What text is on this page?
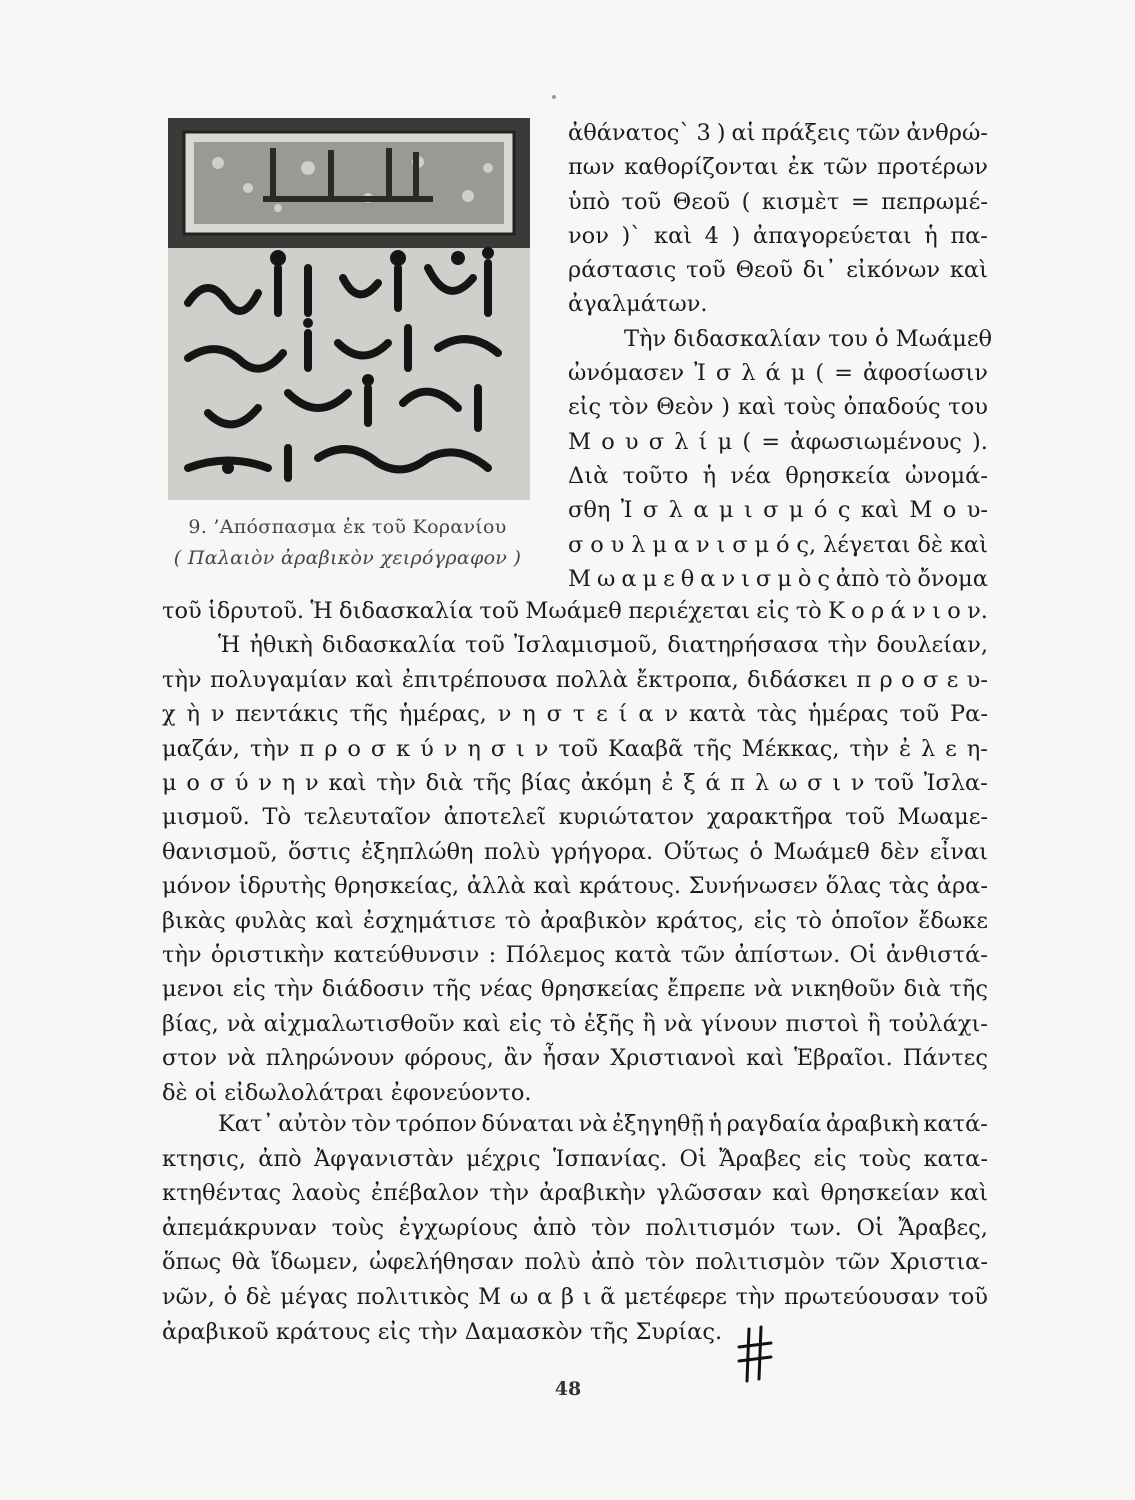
9. ’Απόσπασμα ἐκ τοῦ Κορανίου
( Παλαιὸν ἀραβικὸν χειρόγραφον )
ἀθάνατος` 3 ) αἱ πράξεις τῶν ἀνθρώ-
πων καθορίζονται ἐκ τῶν προτέρων
ὑπὸ τοῦ Θεοῦ ( κισμὲτ = πεπρωμέ-
νον )` καὶ 4 ) ἀπαγορεύεται ἡ πα-
ράστασις τοῦ Θεοῦ δι᾽ εἰκόνων καὶ
ἀγαλμάτων.
Τὴν διδασκαλίαν του ὁ Μωάμεθ
ὠνόμασεν Ἰ σ λ ά μ ( = ἀφοσίωσιν
εἰς τὸν Θεὸν ) καὶ τοὺς ὀπαδούς του
Μ ο υ σ λ ί μ ( = ἀφωσιωμένους ).
Διὰ τοῦτο ἡ νέα θρησκεία ὠνομά-
σθη Ἰ σ λ α μ ι σ μ ό ς καὶ Μ ο υ-
σ ο υ λ μ α ν ι σ μ ό ς, λέγεται δὲ καὶ
Μ ω α μ ε θ α ν ι σ μ ὸ ς ἀπὸ τὸ ὄνομα
τοῦ ἱδρυτοῦ. Ἡ διδασκαλία τοῦ Μωάμεθ περιέχεται εἰς τὸ Κ ο ρ ά ν ι ο ν.
Ἡ ἠθικὴ διδασκαλία τοῦ Ἰσλαμισμοῦ, διατηρήσασα τὴν δουλείαν,
τὴν πολυγαμίαν καὶ ἐπιτρέπουσα πολλὰ ἔκτροπα, διδάσκει π ρ ο σ ε υ-
χ ὴ ν πεντάκις τῆς ἡμέρας, ν η σ τ ε ί α ν κατὰ τὰς ἡμέρας τοῦ Ρα-
μαζάν, τὴν π ρ ο σ κ ύ ν η σ ι ν τοῦ Κααβᾶ τῆς Μέκκας, τὴν ἐ λ ε η-
μ ο σ ύ ν η ν καὶ τὴν διὰ τῆς βίας ἀκόμη ἐ ξ ά π λ ω σ ι ν τοῦ Ἰσλα-
μισμοῦ. Τὸ τελευταῖον ἀποτελεῖ κυριώτατον χαρακτῆρα τοῦ Μωαμε-
θανισμοῦ, ὅστις ἐξηπλώθη πολὺ γρήγορα. Οὕτως ὁ Μωάμεθ δὲν εἶναι
μόνον ἱδρυτὴς θρησκείας, ἀλλὰ καὶ κράτους. Συνήνωσεν ὅλας τὰς ἀρα-
βικὰς φυλὰς καὶ ἐσχημάτισε τὸ ἀραβικὸν κράτος, εἰς τὸ ὁποῖον ἔδωκε
τὴν ὁριστικὴν κατεύθυνσιν : Πόλεμος κατὰ τῶν ἀπίστων. Οἱ ἀνθιστά-
μενοι εἰς τὴν διάδοσιν τῆς νέας θρησκείας ἔπρεπε νὰ νικηθοῦν διὰ τῆς
βίας, νὰ αἰχμαλωτισθοῦν καὶ εἰς τὸ ἑξῆς ἢ νὰ γίνουν πιστοὶ ἢ τοὐλάχι-
στον νὰ πληρώνουν φόρους, ἂν ἦσαν Χριστιανοὶ καὶ Ἑβραῖοι. Πάντες
δὲ οἱ εἰδωλολάτραι ἐφονεύοντο.
Κατ᾽ αὐτὸν τὸν τρόπον δύναται νὰ ἐξηγηθῇ ἡ ραγδαία ἀραβικὴ κατά-
κτησις, ἀπὸ Ἀφγανιστὰν μέχρις Ἱσπανίας. Οἱ Ἄραβες εἰς τοὺς κατα-
κτηθέντας λαοὺς ἐπέβαλον τὴν ἀραβικὴν γλῶσσαν καὶ θρησκείαν καὶ
ἀπεμάκρυναν τοὺς ἐγχωρίους ἀπὸ τὸν πολιτισμόν των. Οἱ Ἄραβες,
ὅπως θὰ ἴδωμεν, ὠφελήθησαν πολὺ ἀπὸ τὸν πολιτισμὸν τῶν Χριστια-
νῶν, ὁ δὲ μέγας πολιτικὸς Μ ω α β ι ᾶ μετέφερε τὴν πρωτεύουσαν τοῦ
ἀραβικοῦ κράτους εἰς τὴν Δαμασκὸν τῆς Συρίας.
48
